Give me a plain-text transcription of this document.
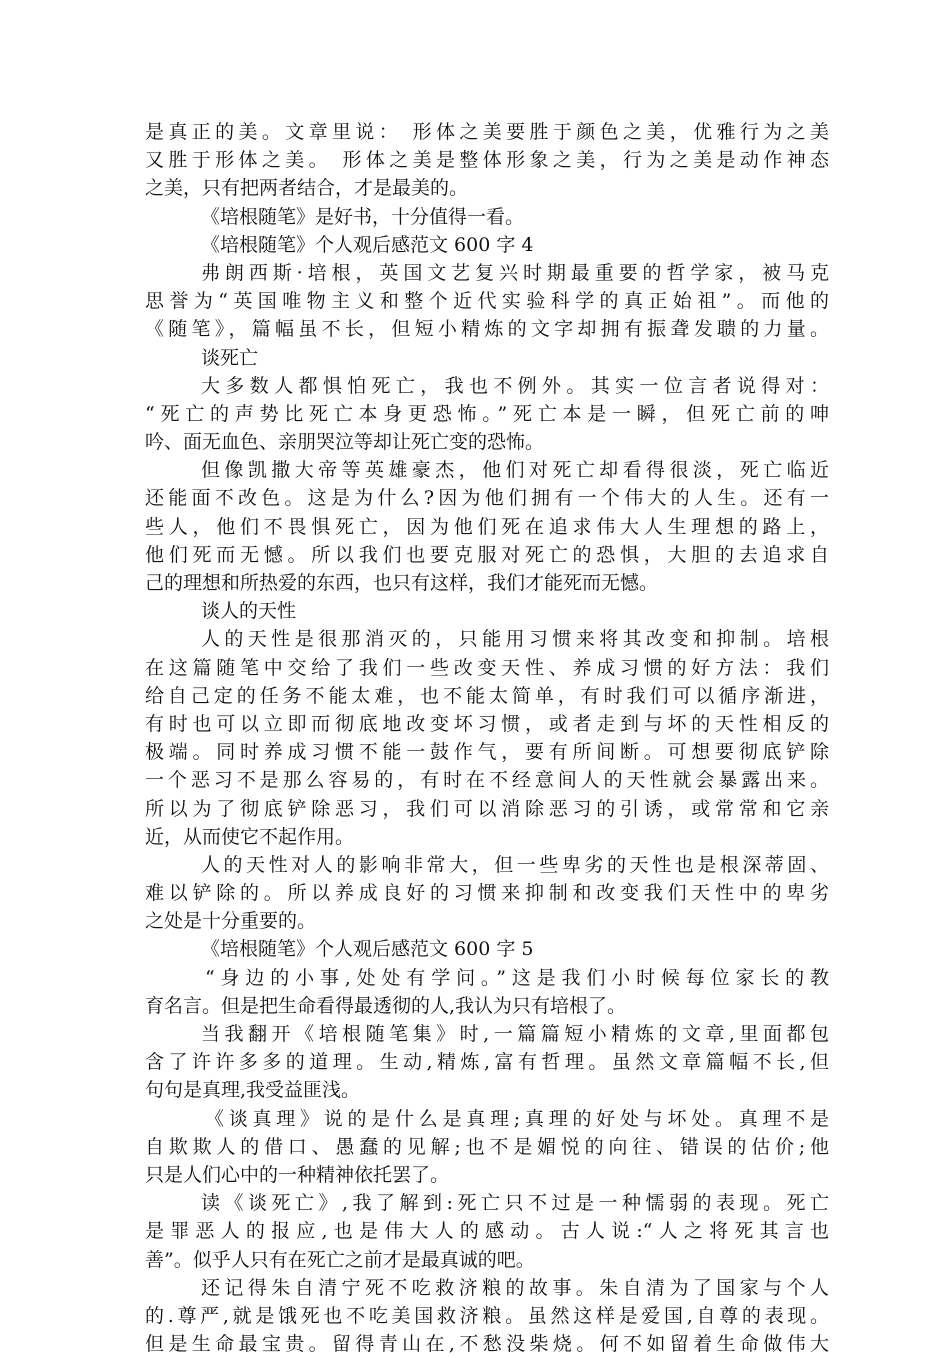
是真正的美。文章里说： 形体之美要胜于颜色之美，优雅行为之美
又胜于形体之美。 形体之美是整体形象之美，行为之美是动作神态
之美，只有把两者结合，才是最美的。
《培根随笔》是好书，十分值得一看。
《培根随笔》个人观后感范文 600 字 4
弗朗西斯·培根，英国文艺复兴时期最重要的哲学家，被马克
思誉为“英国唯物主义和整个近代实验科学的真正始祖”。而他的
《随笔》，篇幅虽不长，但短小精炼的文字却拥有振聋发聩的力量。
谈死亡
大多数人都惧怕死亡，我也不例外。其实一位言者说得对：
“死亡的声势比死亡本身更恐怖。”死亡本是一瞬，但死亡前的呻
吟、面无血色、亲朋哭泣等却让死亡变的恐怖。
但像凯撒大帝等英雄豪杰，他们对死亡却看得很淡，死亡临近
还能面不改色。这是为什么?因为他们拥有一个伟大的人生。还有一
些人，他们不畏惧死亡，因为他们死在追求伟大人生理想的路上，
他们死而无憾。所以我们也要克服对死亡的恐惧，大胆的去追求自
己的理想和所热爱的东西，也只有这样，我们才能死而无憾。
谈人的天性
人的天性是很那消灭的，只能用习惯来将其改变和抑制。培根
在这篇随笔中交给了我们一些改变天性、养成习惯的好方法：我们
给自己定的任务不能太难，也不能太简单，有时我们可以循序渐进，
有时也可以立即而彻底地改变坏习惯，或者走到与坏的天性相反的
极端。同时养成习惯不能一鼓作气，要有所间断。可想要彻底铲除
一个恶习不是那么容易的，有时在不经意间人的天性就会暴露出来。
所以为了彻底铲除恶习，我们可以消除恶习的引诱，或常常和它亲
近，从而使它不起作用。
人的天性对人的影响非常大，但一些卑劣的天性也是根深蒂固、
难以铲除的。所以养成良好的习惯来抑制和改变我们天性中的卑劣
之处是十分重要的。
《培根随笔》个人观后感范文 600 字 5
“身边的小事,处处有学问。”这是我们小时候每位家长的教
育名言。但是把生命看得最透彻的人,我认为只有培根了。
当我翻开《培根随笔集》时,一篇篇短小精炼的文章,里面都包
含了许许多多的道理。生动,精炼,富有哲理。虽然文章篇幅不长,但
句句是真理,我受益匪浅。
《谈真理》说的是什么是真理;真理的好处与坏处。真理不是
自欺欺人的借口、愚蠢的见解;也不是媚悦的向往、错误的估价;他
只是人们心中的一种精神依托罢了。
读《谈死亡》,我了解到:死亡只不过是一种懦弱的表现。死亡
是罪恶人的报应,也是伟大人的感动。古人说:“人之将死其言也
善”。似乎人只有在死亡之前才是最真诚的吧。
还记得朱自清宁死不吃救济粮的故事。朱自清为了国家与个人
的.尊严,就是饿死也不吃美国救济粮。虽然这样是爱国,自尊的表现。
但是生命最宝贵。留得青山在,不愁没柴烧。何不如留着生命做伟大
